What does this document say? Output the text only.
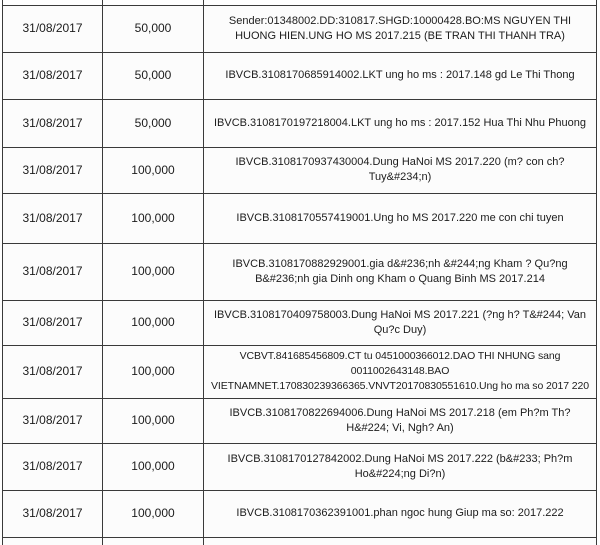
31/08/2017	50,000	Sender:01348002.DD:310817.SHGD:10000428.BO:MS NGUYEN THI HUONG HIEN.UNG HO MS 2017.215 (BE TRAN THI THANH TRA)
31/08/2017	50,000	IBVCB.3108170685914002.LKT ung ho ms : 2017.148 gd Le Thi Thong
31/08/2017	50,000	IBVCB.3108170197218004.LKT ung ho ms : 2017.152 Hua Thi Nhu Phuong
31/08/2017	100,000	IBVCB.3108170937430004.Dung HaNoi MS 2017.220 (m? con ch? Tuy&#234;n)
31/08/2017	100,000	IBVCB.3108170557419001.Ung ho MS 2017.220 me con chi tuyen
31/08/2017	100,000	IBVCB.3108170882929001.gia d&#236;nh &#244;ng Kham ? Qu?ng B&#236;nh gia Dinh ong Kham o Quang Binh MS 2017.214
31/08/2017	100,000	IBVCB.3108170409758003.Dung HaNoi MS 2017.221 (?ng h? T&#244; Van Qu?c Duy)
31/08/2017	100,000	VCBVT.841685456809.CT tu 0451000366012.DAO THI NHUNG sang 0011002643148.BAO VIETNAMNET.170830239366365.VNVT20170830551610.Ung ho ma so 2017 220
31/08/2017	100,000	IBVCB.3108170822694006.Dung HaNoi MS 2017.218 (em Ph?m Th? H&#224; Vi, Ngh? An)
31/08/2017	100,000	IBVCB.3108170127842002.Dung HaNoi MS 2017.222 (b&#233; Ph?m Ho&#224;ng Di?n)
31/08/2017	100,000	IBVCB.3108170362391001.phan ngoc hung Giup ma so: 2017.222
